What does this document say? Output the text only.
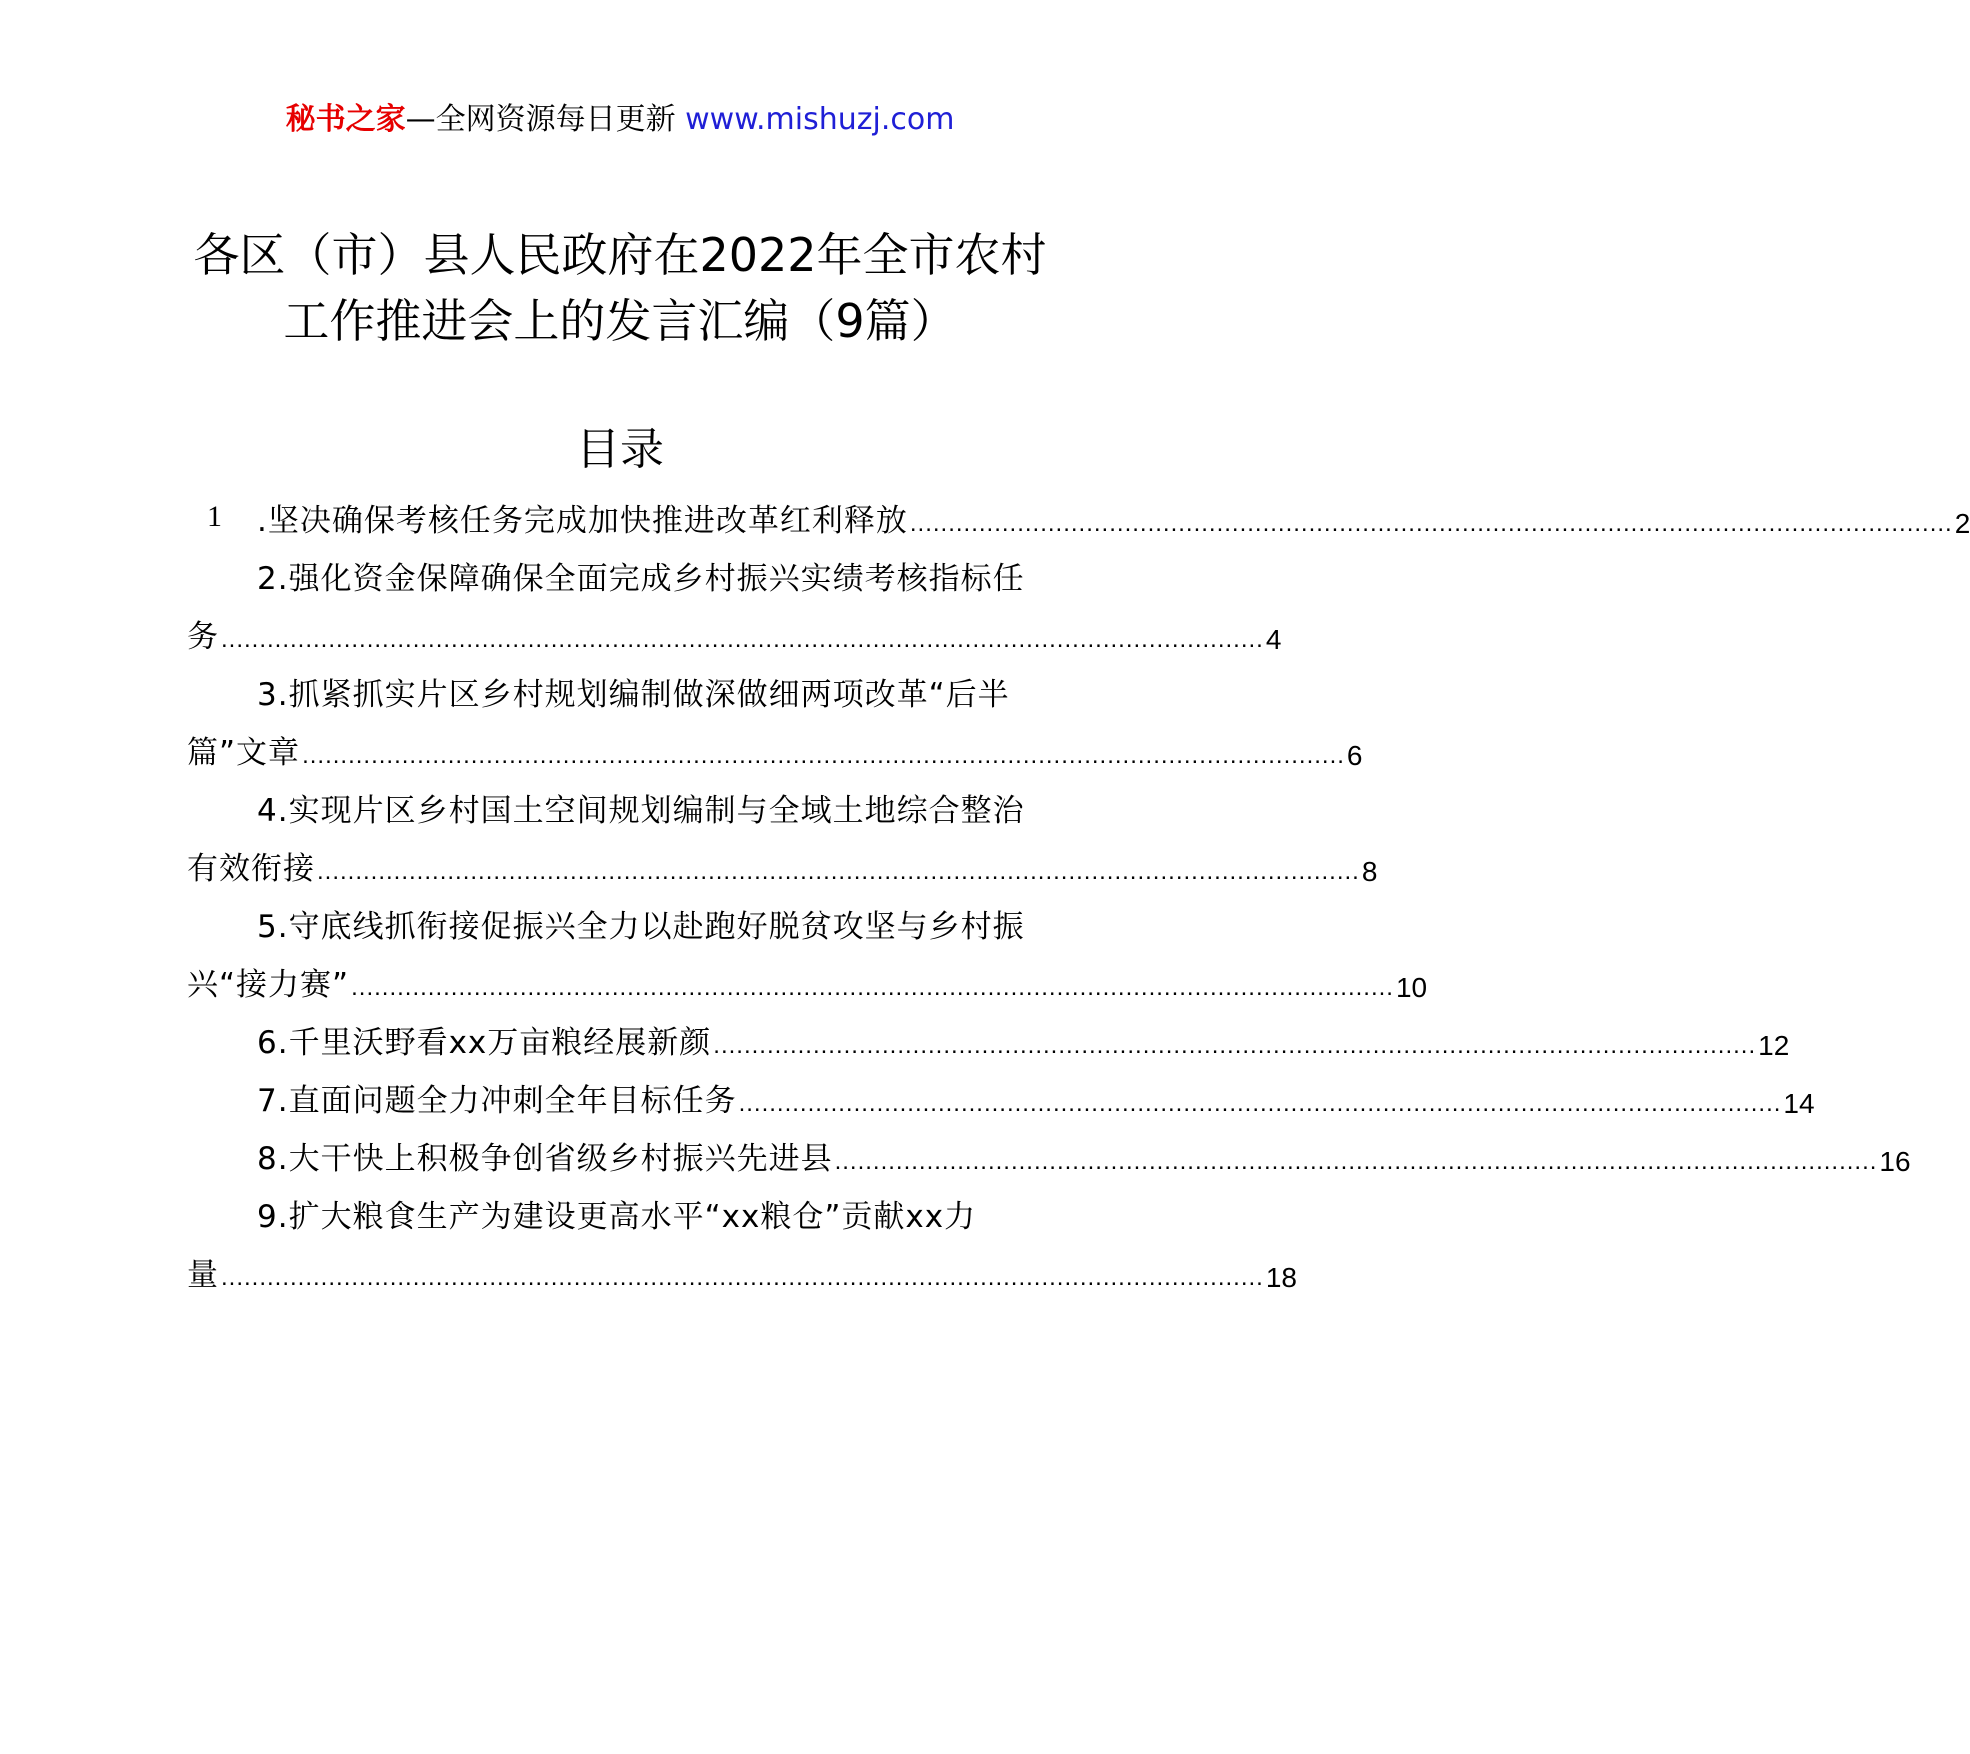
秘书之家—全网资源每日更新 www.mishuzj.com
各区（市）县人民政府在2022年全市农村
工作推进会上的发言汇编（9篇）
目录
1 .坚决确保考核任务完成加快推进改革红利释放 ........................................................................................................................................ 2
2.强化资金保障确保全面完成乡村振兴实绩考核指标任
务 ........................................................................................................................................ 4
3.抓紧抓实片区乡村规划编制做深做细两项改革“后半
篇”文章 ........................................................................................................................................ 6
4.实现片区乡村国土空间规划编制与全域土地综合整治
有效衔接 ........................................................................................................................................ 8
5.守底线抓衔接促振兴全力以赴跑好脱贫攻坚与乡村振
兴“接力赛” ........................................................................................................................................ 10
6.千里沃野看xx万亩粮经展新颜 ........................................................................................................................................ 12
7.直面问题全力冲刺全年目标任务 ........................................................................................................................................ 14
8.大干快上积极争创省级乡村振兴先进县 ........................................................................................................................................ 16
9.扩大粮食生产为建设更高水平“xx粮仓”贡献xx力
量 ........................................................................................................................................ 18
